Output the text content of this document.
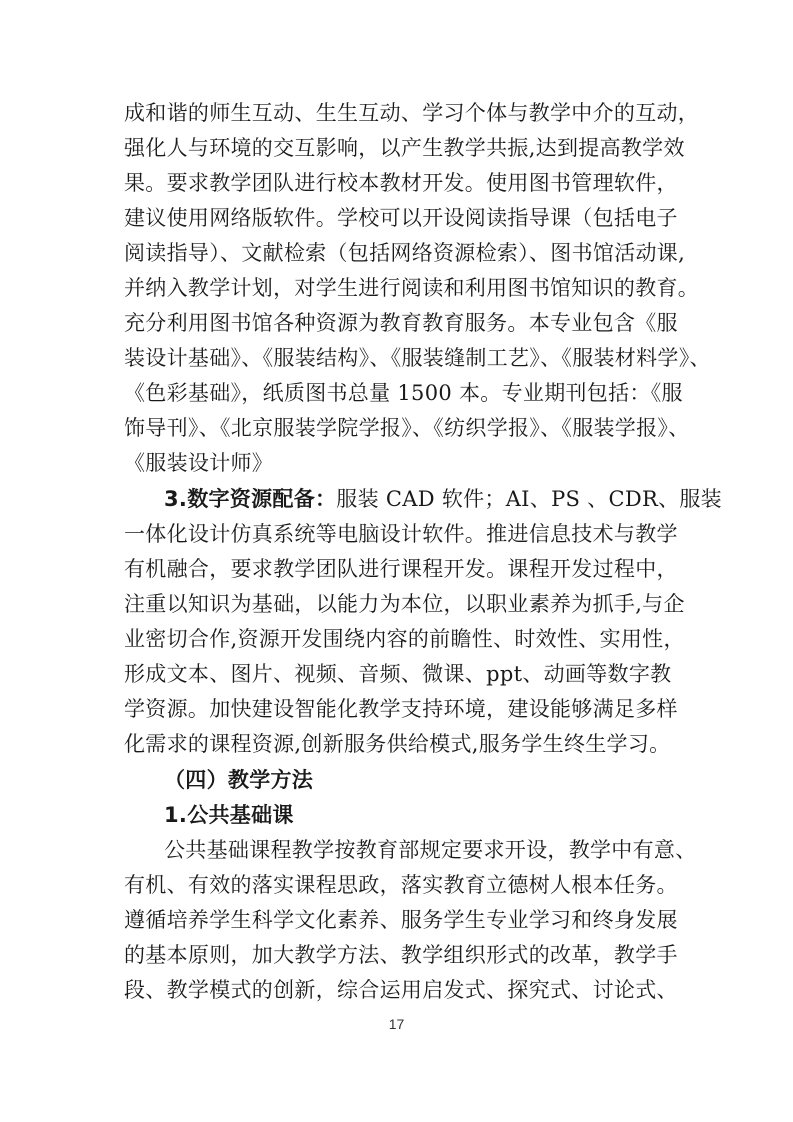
成和谐的师生互动、生生互动、学习个体与教学中介的互动，
强化人与环境的交互影响，以产生教学共振,达到提高教学效
果。要求教学团队进行校本教材开发。使用图书管理软件，
建议使用网络版软件。学校可以开设阅读指导课（包括电子
阅读指导）、文献检索（包括网络资源检索）、图书馆活动课,
并纳入教学计划，对学生进行阅读和利用图书馆知识的教育。
充分利用图书馆各种资源为教育教育服务。本专业包含《服
装设计基础》、《服装结构》、《服装缝制工艺》、《服装材料学》、
《色彩基础》，纸质图书总量 1500 本。专业期刊包括：《服
饰导刊》、《北京服装学院学报》、《纺织学报》、《服装学报》、
《服装设计师》
3.数字资源配备：服装 CAD 软件；AI、PS 、CDR、服装
一体化设计仿真系统等电脑设计软件。推进信息技术与教学
有机融合，要求教学团队进行课程开发。课程开发过程中，
注重以知识为基础，以能力为本位，以职业素养为抓手,与企
业密切合作,资源开发围绕内容的前瞻性、时效性、实用性，
形成文本、图片、视频、音频、微课、ppt、动画等数字教
学资源。加快建设智能化教学支持环境，建设能够满足多样
化需求的课程资源,创新服务供给模式,服务学生终生学习。
（四）教学方法
1.公共基础课
公共基础课程教学按教育部规定要求开设，教学中有意、
有机、有效的落实课程思政，落实教育立德树人根本任务。
遵循培养学生科学文化素养、服务学生专业学习和终身发展
的基本原则，加大教学方法、教学组织形式的改革，教学手
段、教学模式的创新，综合运用启发式、探究式、讨论式、
17
